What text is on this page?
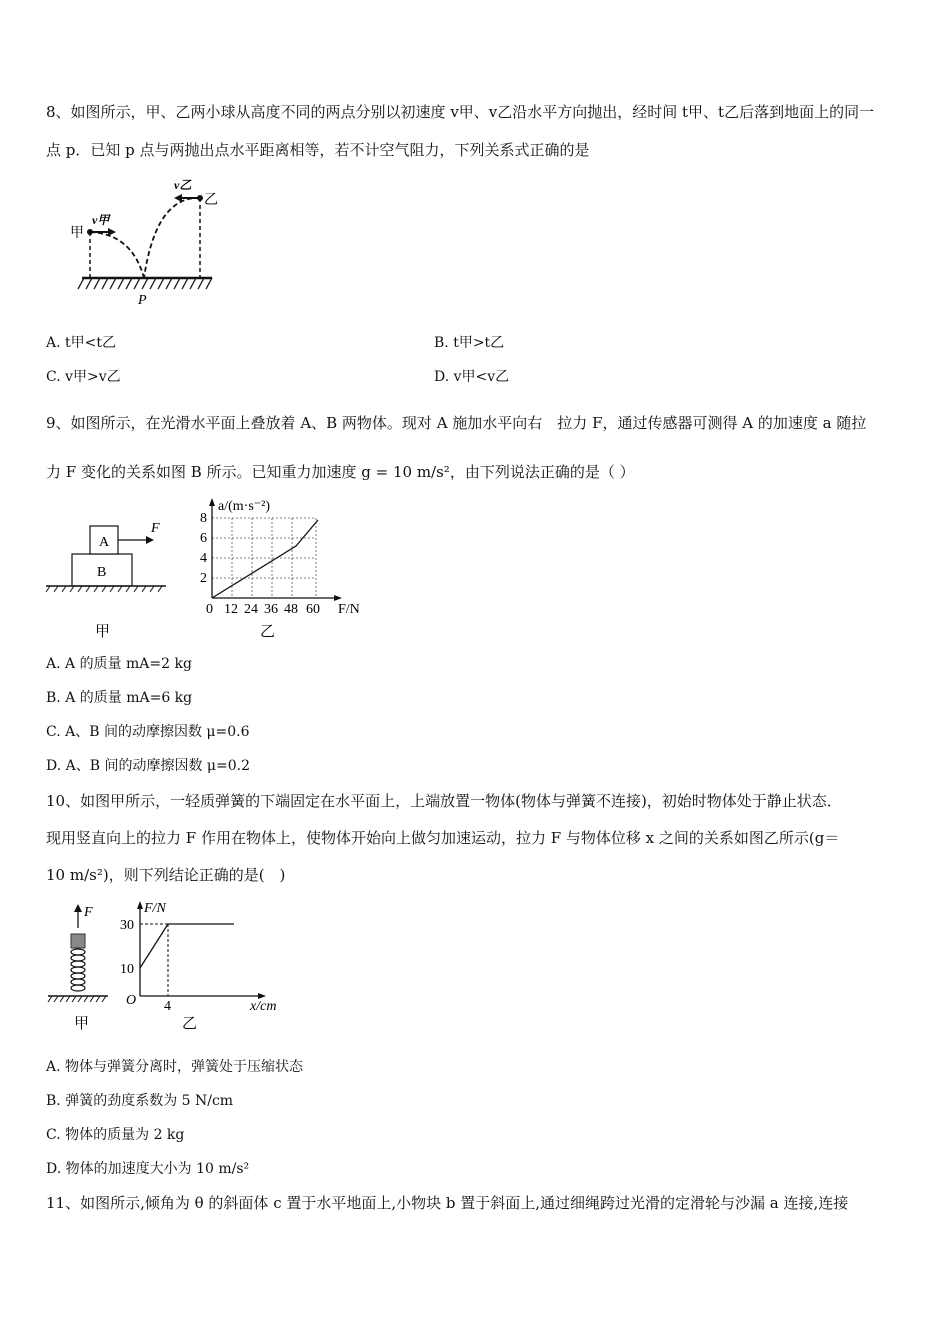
8、如图所示，甲、乙两小球从高度不同的两点分别以初速度 v甲、v乙沿水平方向抛出，经时间 t甲、t乙后落到地面上的同一
点 p．已知 p 点与两抛出点水平距离相等，若不计空气阻力，下列关系式正确的是
甲
乙
v甲
v乙
P
A. t甲<t乙	B. t甲>t乙
C. v甲>v乙	D. v甲<v乙
9、如图所示，在光滑水平面上叠放着 A、B 两物体。现对 A 施加水平向右　拉力 F，通过传感器可测得 A 的加速度 a 随拉
力 F 变化的关系如图 B 所示。已知重力加速度 g = 10 m/s²，由下列说法正确的是（ ）
A
B
F
甲
a/(m·s⁻²)
2
4
6
8
0 12 24 36 48 60 F/N
乙
A. A 的质量 mA=2 kg
B. A 的质量 mA=6 kg
C. A、B 间的动摩擦因数 μ=0.6
D. A、B 间的动摩擦因数 μ=0.2
10、如图甲所示，一轻质弹簧的下端固定在水平面上，上端放置一物体(物体与弹簧不连接)，初始时物体处于静止状态．
现用竖直向上的拉力 F 作用在物体上，使物体开始向上做匀加速运动，拉力 F 与物体位移 x 之间的关系如图乙所示(g＝
10 m/s²)，则下列结论正确的是(　)
F
甲
F/N
30
10
O 4	x/cm
乙
A. 物体与弹簧分离时，弹簧处于压缩状态
B. 弹簧的劲度系数为 5 N/cm
C. 物体的质量为 2 kg
D. 物体的加速度大小为 10 m/s²
11、如图所示,倾角为 θ 的斜面体 c 置于水平地面上,小物块 b 置于斜面上,通过细绳跨过光滑的定滑轮与沙漏 a 连接,连接
